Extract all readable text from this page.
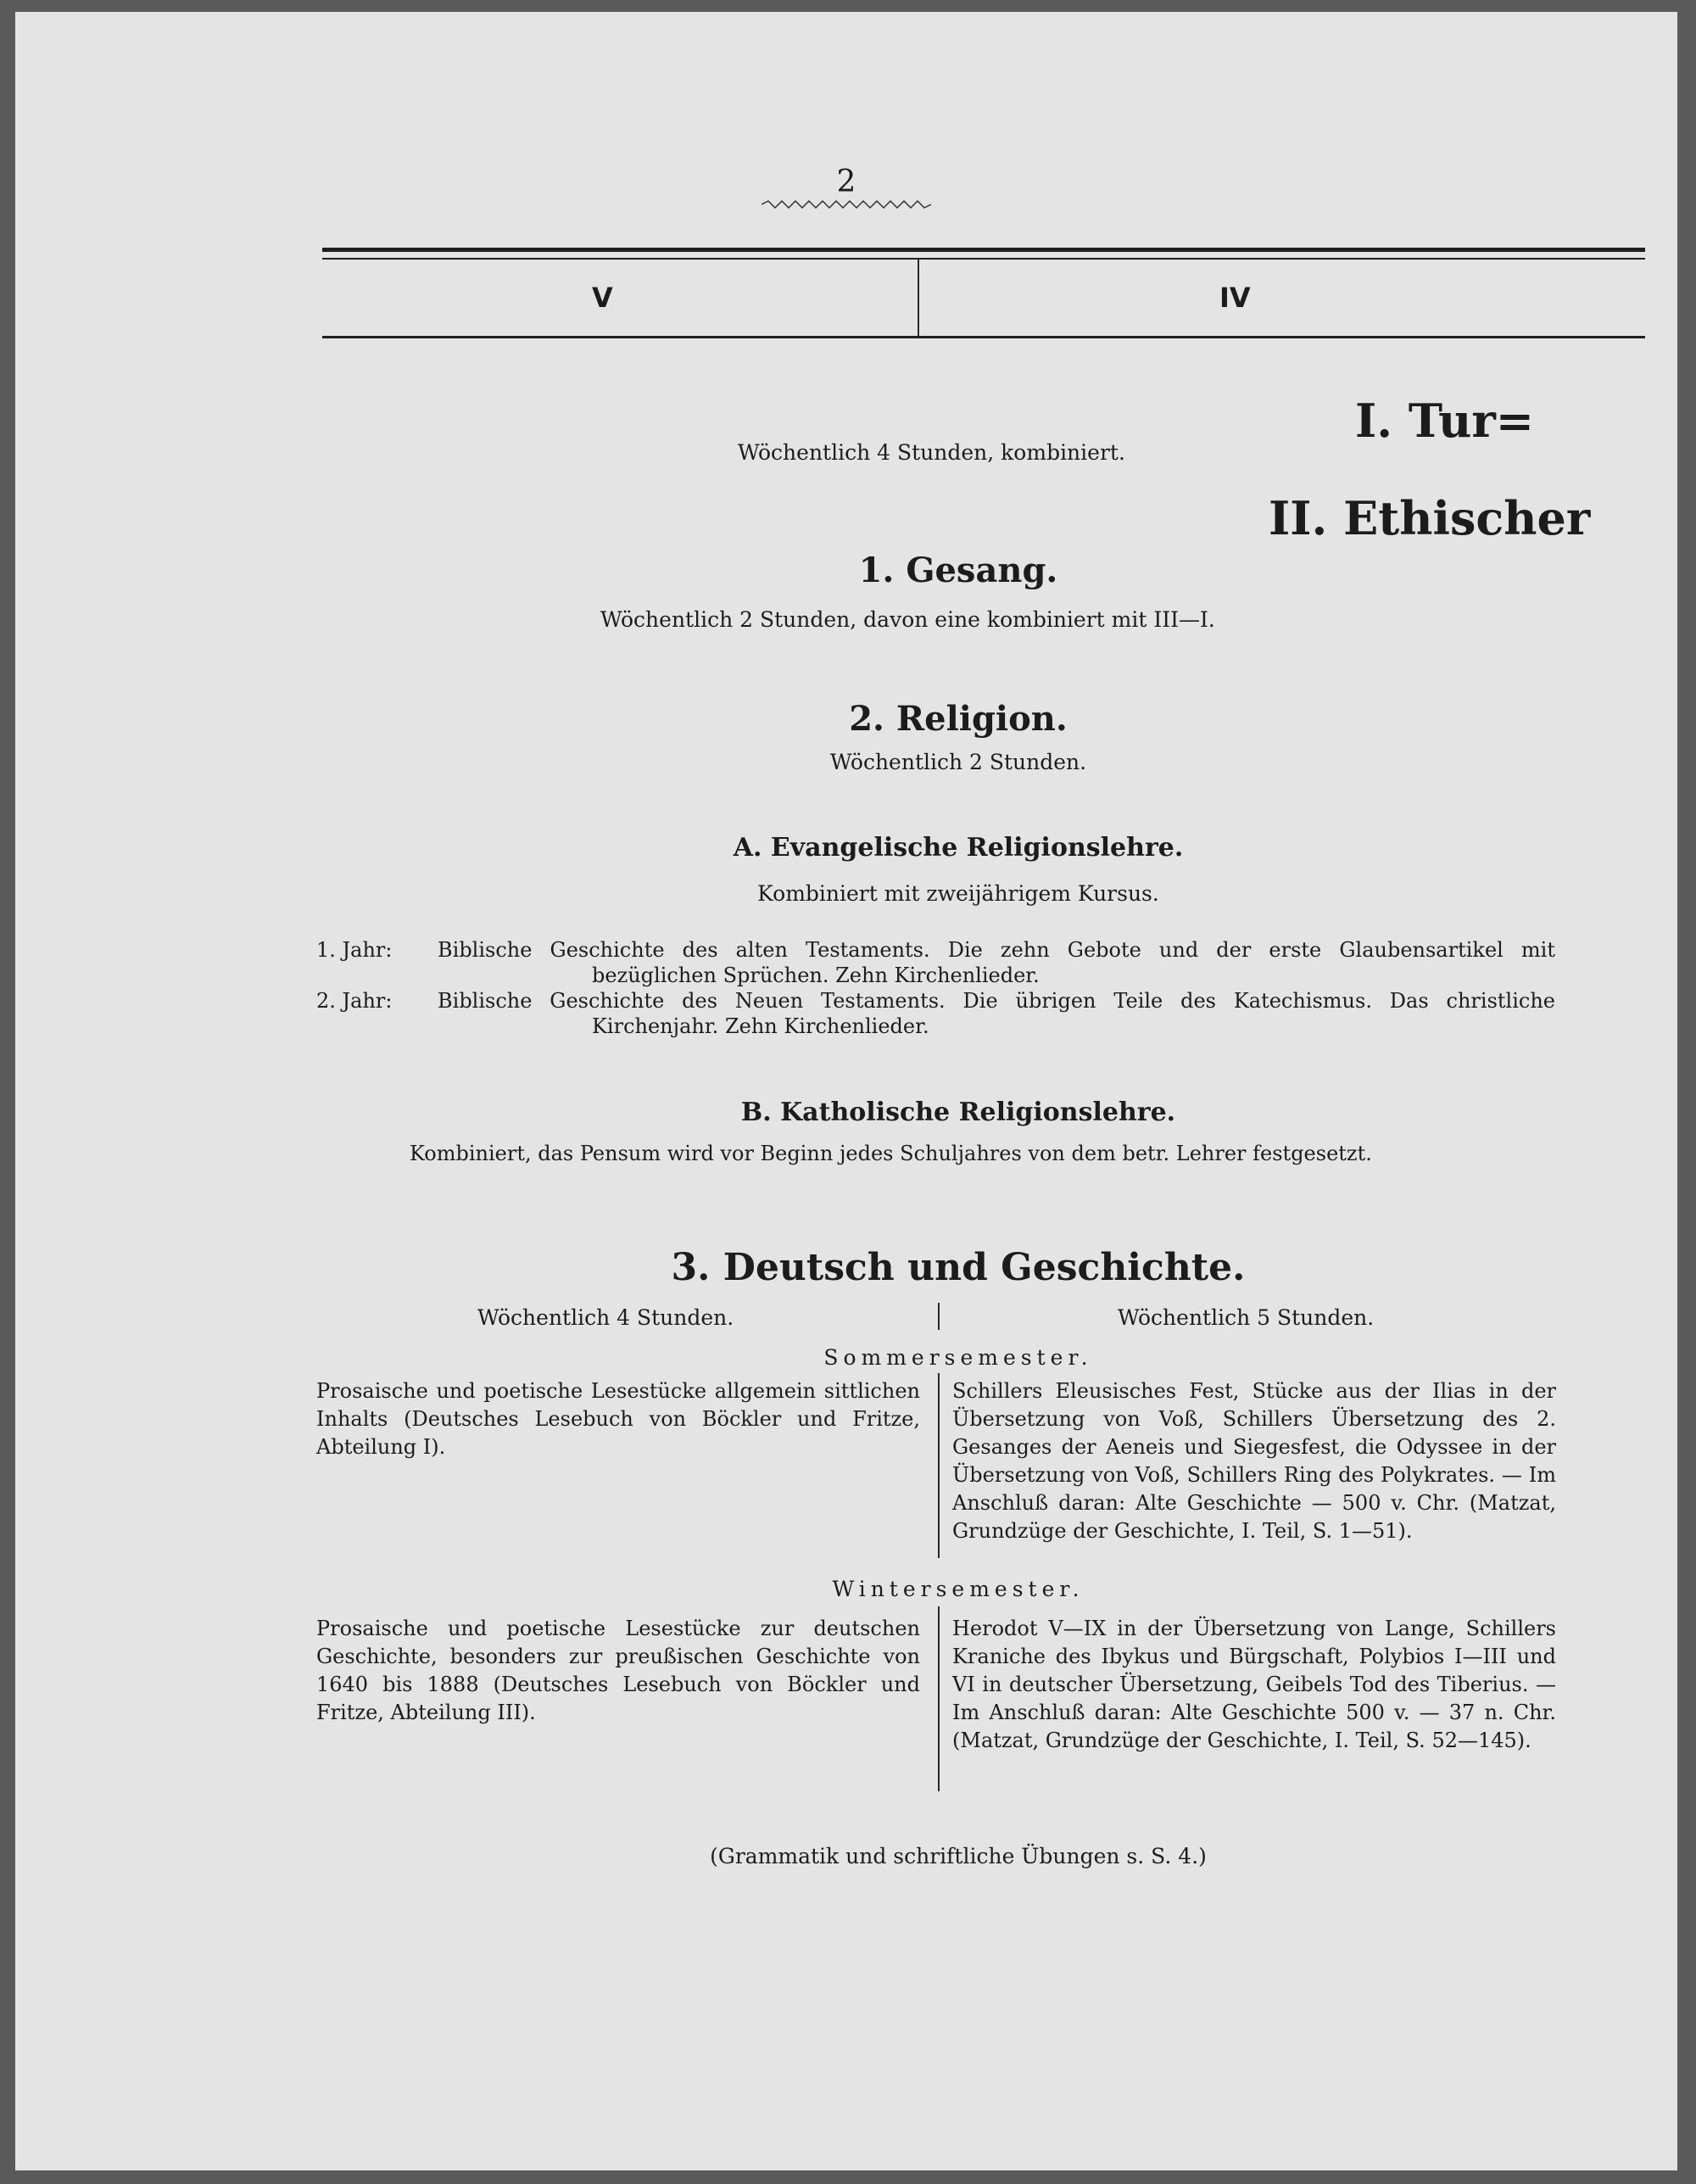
2
V	IV
I. Tur=
II. Ethischer
Wöchentlich 4 Stunden, kombiniert.
1. Gesang.
Wöchentlich 2 Stunden, davon eine kombiniert mit III—I.
2. Religion.
Wöchentlich 2 Stunden.
A. Evangelische Religionslehre.
Kombiniert mit zweijährigem Kursus.
1. Jahr: Biblische Geschichte des alten Testaments. Die zehn Gebote und der erste Glaubensartikel mit
bezüglichen Sprüchen. Zehn Kirchenlieder.
2. Jahr: Biblische Geschichte des Neuen Testaments. Die übrigen Teile des Katechismus. Das christliche
Kirchenjahr. Zehn Kirchenlieder.
B. Katholische Religionslehre.
Kombiniert, das Pensum wird vor Beginn jedes Schuljahres von dem betr. Lehrer festgesetzt.
3. Deutsch und Geschichte.
Wöchentlich 4 Stunden.	Wöchentlich 5 Stunden.
Sommersemester.
Prosaische und poetische Lesestücke allgemein sittlichen Inhalts (Deutsches Lesebuch von Böckler und Fritze, Abteilung I).
Schillers Eleusisches Fest, Stücke aus der Ilias in der Übersetzung von Voß, Schillers Übersetzung des 2. Gesanges der Aeneis und Siegesfest, die Odyssee in der Übersetzung von Voß, Schillers Ring des Polykrates. — Im Anschluß daran: Alte Geschichte — 500 v. Chr. (Matzat, Grundzüge der Geschichte, I. Teil, S. 1—51).
Wintersemester.
Prosaische und poetische Lesestücke zur deutschen Geschichte, besonders zur preußischen Geschichte von 1640 bis 1888 (Deutsches Lesebuch von Böckler und Fritze, Abteilung III).
Herodot V—IX in der Übersetzung von Lange, Schillers Kraniche des Ibykus und Bürgschaft, Polybios I—III und VI in deutscher Übersetzung, Geibels Tod des Tiberius. — Im Anschluß daran: Alte Geschichte 500 v. — 37 n. Chr. (Matzat, Grundzüge der Geschichte, I. Teil, S. 52—145).
(Grammatik und schriftliche Übungen s. S. 4.)
